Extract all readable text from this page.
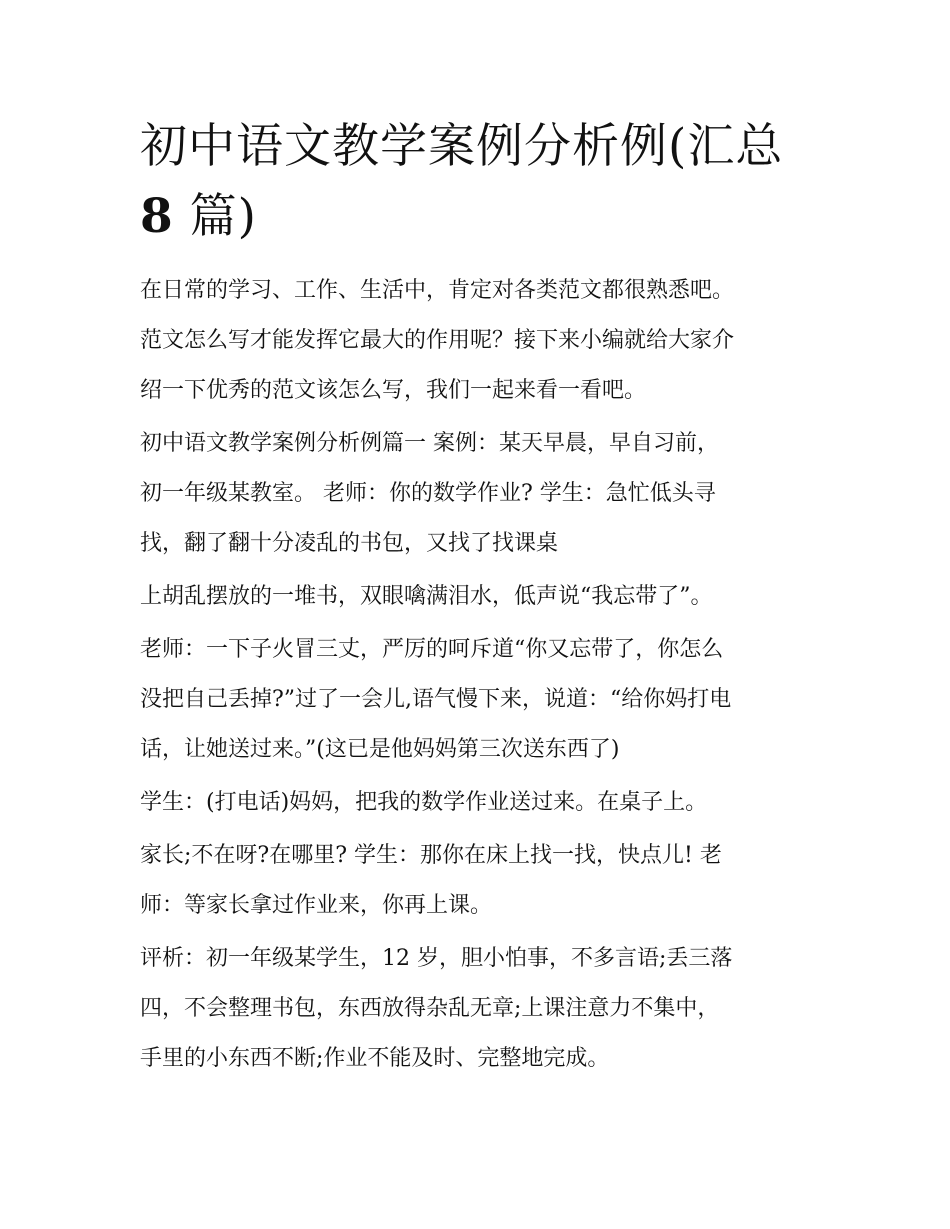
初中语文教学案例分析例(汇总
8 篇)

在日常的学习、工作、生活中，肯定对各类范文都很熟悉吧。
范文怎么写才能发挥它最大的作用呢？接下来小编就给大家介
绍一下优秀的范文该怎么写，我们一起来看一看吧。

初中语文教学案例分析例篇一 案例：某天早晨，早自习前，
初一年级某教室。 老师：你的数学作业? 学生：急忙低头寻
找，翻了翻十分凌乱的书包，又找了找课桌

上胡乱摆放的一堆书，双眼噙满泪水，低声说“我忘带了”。

老师：一下子火冒三丈，严厉的呵斥道“你又忘带了，你怎么
没把自己丢掉?”过了一会儿,语气慢下来，说道：“给你妈打电
话，让她送过来。”(这已是他妈妈第三次送东西了)

学生：(打电话)妈妈，把我的数学作业送过来。在桌子上。

家长;不在呀?在哪里? 学生：那你在床上找一找，快点儿! 老
师：等家长拿过作业来，你再上课。

评析：初一年级某学生，12 岁，胆小怕事，不多言语;丢三落
四，不会整理书包，东西放得杂乱无章;上课注意力不集中，
手里的小东西不断;作业不能及时、完整地完成。
